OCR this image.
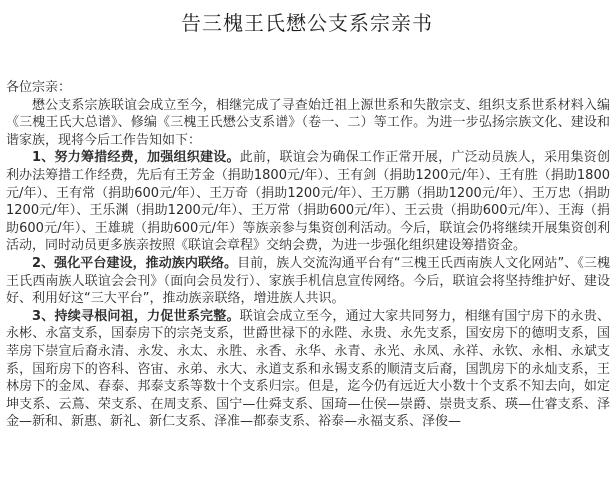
告三槐王氏懋公支系宗亲书

各位宗亲：

懋公支系宗族联谊会成立至今，相继完成了寻查始迁祖上源世系和失散宗支、组织支系世系材料入编《三槐王氏大总谱》、修编《三槐王氏懋公支系谱》（卷一、二）等工作。为进一步弘扬宗族文化、建设和谐家族，现将今后工作告知如下：

1、努力筹措经费，加强组织建设。此前，联谊会为确保工作正常开展，广泛动员族人，采用集资创利办法筹措工作经费，先后有王芳金（捐助1800元/年）、王有剑（捐助1200元/年）、王有胜（捐助1800元/年）、王有常（捐助600元/年）、王万奇（捐助1200元/年）、王万鹏（捐助1200元/年）、王万忠（捐助1200元/年）、王乐渊（捐助1200元/年）、王万常（捐助600元/年）、王云贵（捐助600元/年）、王海（捐助600元/年）、王雄琥（捐助600元/年）等族亲参与集资创利活动。今后，联谊会仍将继续开展集资创利活动，同时动员更多族亲按照《联谊会章程》交纳会费，为进一步强化组织建设筹措资金。

2、强化平台建设，推动族内联络。目前，族人交流沟通平台有“三槐王氏西南族人文化网站”、《三槐王氏西南族人联谊会会刊》（面向会员发行）、家族手机信息宣传网络。今后，联谊会将坚持维护好、建设好、利用好这“三大平台”，推动族亲联络，增进族人共识。

3、持续寻根问祖，力促世系完整。联谊会成立至今，通过大家共同努力，相继有国宁房下的永贵、永彬、永富支系，国泰房下的宗尧支系，世爵世禄下的永陛、永贵、永先支系，国安房下的德明支系，国莘房下崇宣后裔永清、永发、永太、永胜、永香、永华、永青、永光、永凤、永祥、永钦、永相、永斌支系，国珩房下的咨科、咨宙、永弟、永大、永道支系和永锡支系的顺清支后裔，国凯房下的永灿支系，王林房下的金凤、春泰、邦泰支系等数十个支系归宗。但是，迄今仍有远近大小数十个支系不知去向，如定坤支系、云蔦、荣支系、在周支系、国宁—仕舜支系、国琦—仕侯—崇爵、崇贵支系、瑛—仕睿支系、泽金—新和、新惠、新礼、新仁支系、泽准—都泰支系、裕泰—永福支系、泽俊—
